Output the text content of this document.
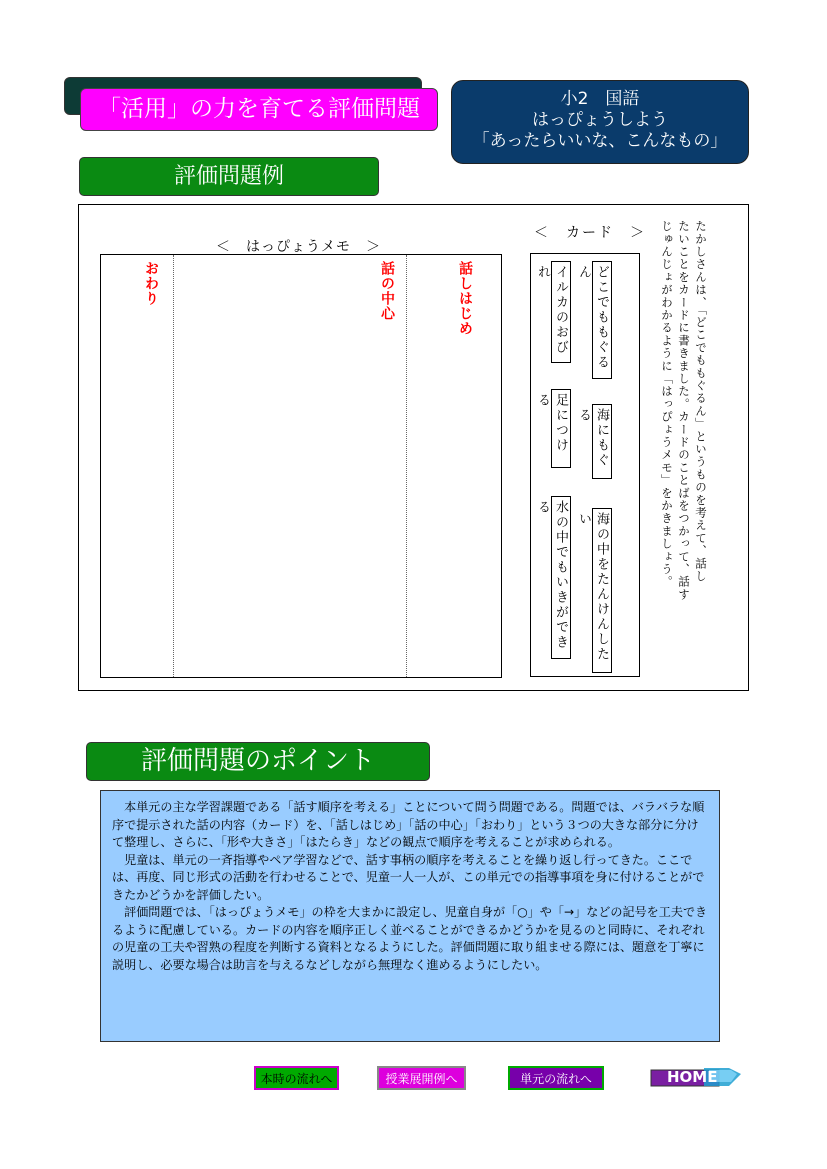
「活用」の力を育てる評価問題	小2　国語
はっぴょうしよう
「あったらいいな、こんなもの」
評価問題例
＜　はっぴょうメモ　＞
おわり	話の中心	話しはじめ
＜　カード　＞
どこでももぐるん
イルカのおびれ
海にもぐる
足につける
海の中をたんけんしたい
水の中でもいきができる	たかしさんは、「どこでももぐるん」というものを考えて、話し
たいことをカードに書きました。カードのことばをつかって、話す
じゅんじょがわかるように「はっぴょうメモ」をかきましょう。
評価問題のポイント

本単元の主な学習課題である「話す順序を考える」ことについて問う問題である。問題では、バラバラな順序で提示された話の内容（カード）を、「話しはじめ」「話の中心」「おわり」という３つの大きな部分に分けて整理し、さらに、「形や大きさ」「はたらき」などの観点で順序を考えることが求められる。

児童は、単元の一斉指導やペア学習などで、話す事柄の順序を考えることを繰り返し行ってきた。ここでは、再度、同じ形式の活動を行わせることで、児童一人一人が、この単元での指導事項を身に付けることができたかどうかを評価したい。

評価問題では、「はっぴょうメモ」の枠を大まかに設定し、児童自身が「○」や「→」などの記号を工夫できるように配慮している。カードの内容を順序正しく並べることができるかどうかを見るのと同時に、それぞれの児童の工夫や習熟の程度を判断する資料となるようにした。評価問題に取り組ませる際には、題意を丁寧に説明し、必要な場合は助言を与えるなどしながら無理なく進めるようにしたい。

本時の流れへ	授業展開例へ	単元の流れへ	HOME
